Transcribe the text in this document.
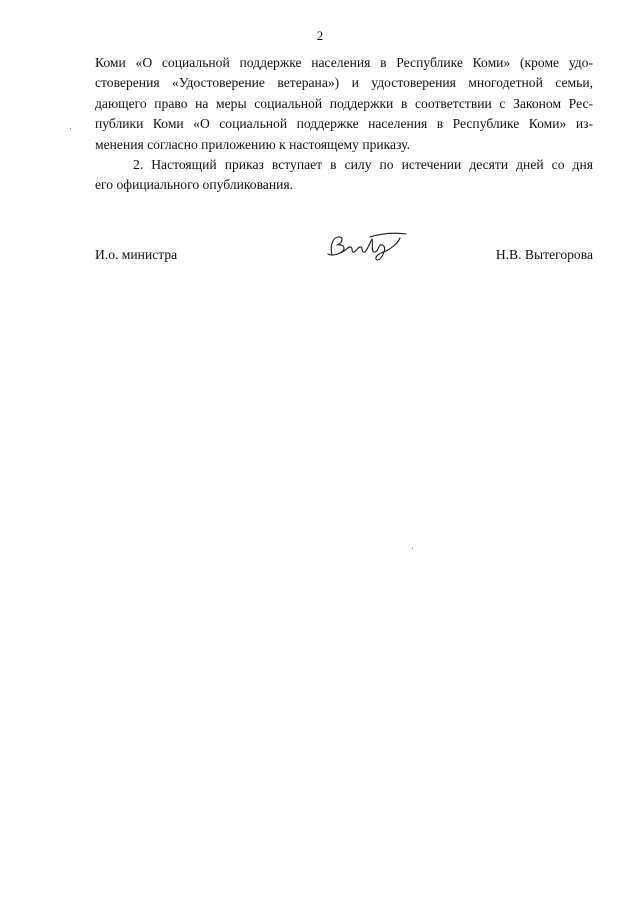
2

Коми «О социальной поддержке населения в Республике Коми» (кроме удо-
стоверения «Удостоверение ветерана») и удостоверения многодетной семьи,
дающего право на меры социальной поддержки в соответствии с Законом Рес-
публики Коми «О социальной поддержке населения в Республике Коми» из-
менения согласно приложению к настоящему приказу.

2. Настоящий приказ вступает в силу по истечении десяти дней со дня
его официального опубликования.

И.о. министра	Н.В. Вытегорова
